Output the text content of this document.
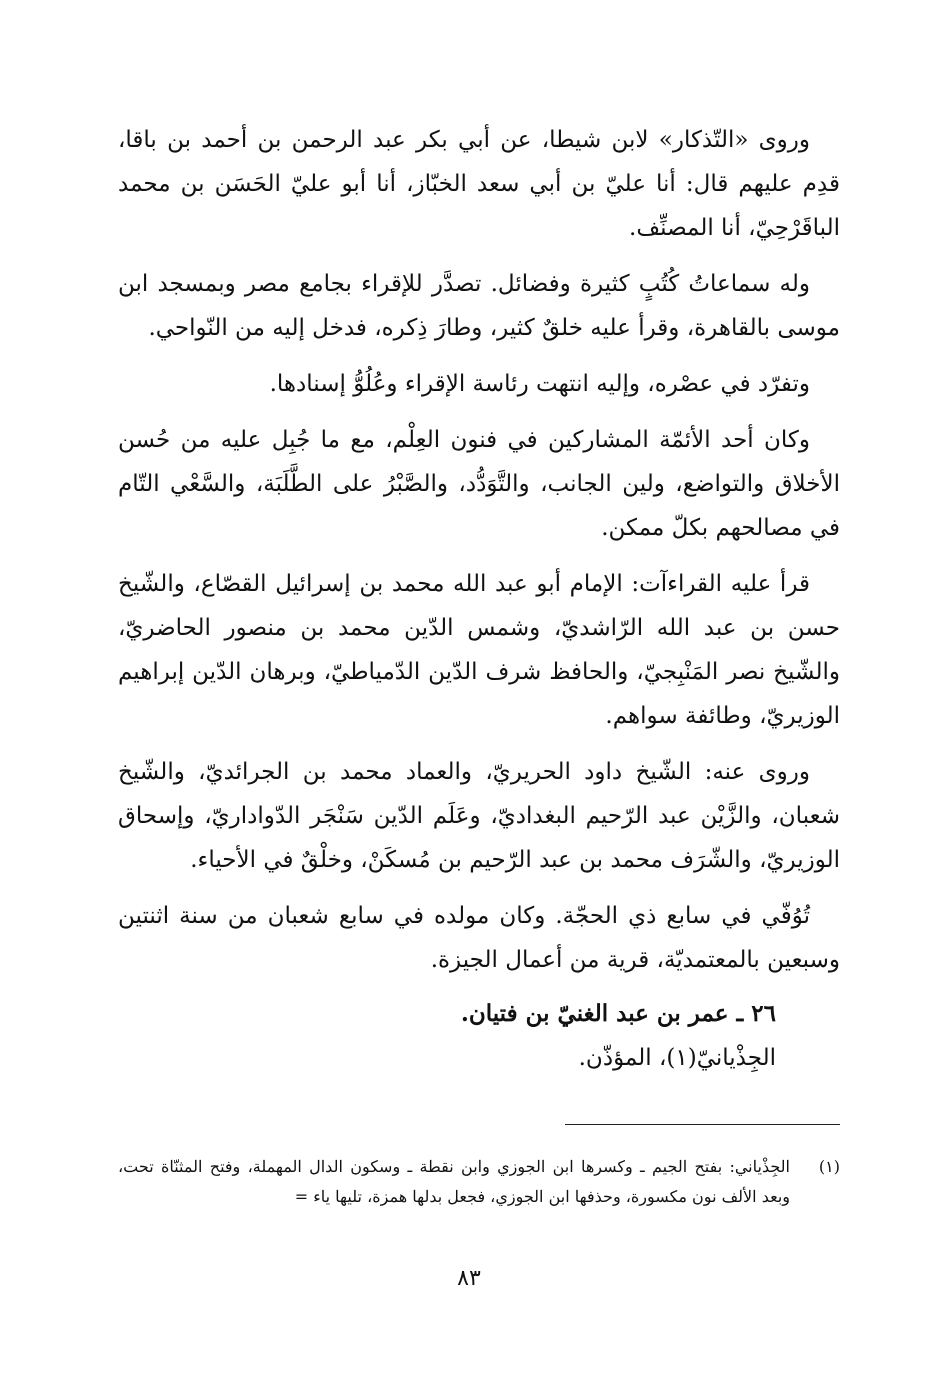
وروى «التّذكار» لابن شيطا، عن أبي بكر عبد الرحمن بن أحمد بن باقا، قدِم عليهم قال: أنا عليّ بن أبي سعد الخبّاز، أنا أبو عليّ الحَسَن بن محمد الباقَرْحِيّ، أنا المصنِّف.

وله سماعاتُ كُتُبٍ كثيرة وفضائل. تصدَّر للإقراء بجامع مصر وبمسجد ابن موسى بالقاهرة، وقرأ عليه خلقٌ كثير، وطارَ ذِكره، فدخل إليه من النّواحي.

وتفرّد في عصْره، وإليه انتهت رئاسة الإقراء وعُلُوُّ إسنادها.

وكان أحد الأئمّة المشاركين في فنون العِلْم، مع ما جُبِل عليه من حُسن الأخلاق والتواضع، ولين الجانب، والتَّوَدُّد، والصَّبْرُ على الطَّلَبَة، والسَّعْي التّام في مصالحهم بكلّ ممكن.

قرأ عليه القراءآت: الإمام أبو عبد الله محمد بن إسرائيل القصّاع، والشّيخ حسن بن عبد الله الرّاشديّ، وشمس الدّين محمد بن منصور الحاضريّ، والشّيخ نصر المَنْبِجيّ، والحافظ شرف الدّين الدّمياطيّ، وبرهان الدّين إبراهيم الوزيريّ، وطائفة سواهم.

وروى عنه: الشّيخ داود الحريريّ، والعماد محمد بن الجرائديّ، والشّيخ شعبان، والزَّيْن عبد الرّحيم البغداديّ، وعَلَم الدّين سَنْجَر الدّواداريّ، وإسحاق الوزيريّ، والشّرَف محمد بن عبد الرّحيم بن مُسكَنْ، وخلْقٌ في الأحياء.

تُوُفّي في سابع ذي الحجّة. وكان مولده في سابع شعبان من سنة اثنتين وسبعين بالمعتمديّة، قرية من أعمال الجيزة.

٢٦ ـ عمر بن عبد الغنيّ بن فتيان.
الجِذْيانيّ(١)، المؤذّن.
(١)
الجِذْياني: بفتح الجيم ـ وكسرها ابن الجوزي وابن نقطة ـ وسكون الدال المهملة، وفتح المثنّاة تحت، وبعد الألف نون مكسورة، وحذفها ابن الجوزي، فجعل بدلها همزة، تليها ياء =
٨٣
